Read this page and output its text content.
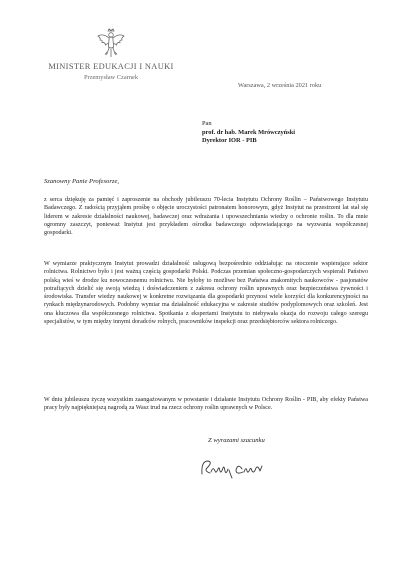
MINISTER EDUKACJI I NAUKI
Przemysław Czarnek
Warszawa, 2 września 2021 roku
Pan
prof. dr hab. Marek Mrówczyński
Dyrektor IOR - PIB
Szanowny Panie Profesorze,

z serca dziękuję za pamięć i zaproszenie na obchody jubileuszu 70-lecia Instytutu Ochrony Roślin – Państwowego Instytutu Badawczego. Z radością przyjąłem prośbę o objęcie uroczystości patronatem honorowym, gdyż Instytut na przestrzeni lat stał się liderem w zakresie działalności naukowej, badawczej oraz wdrażania i upowszechniania wiedzy o ochronie roślin. To dla mnie ogromny zaszczyt, ponieważ Instytut jest przykładem ośrodka badawczego odpowiadającego na wyzwania współczesnej gospodarki.

W wymiarze praktycznym Instytut prowadzi działalność usługową bezpośrednio oddziałując na otoczenie wspierające sektor rolnictwa. Rolnictwo było i jest ważną częścią gospodarki Polski. Podczas przemian społeczno-gospodarczych wspierali Państwo polską wieś w drodze ku nowoczesnemu rolnictwu. Nie byłoby to możliwe bez Państwa znakomitych naukowców - pasjonatów potrafiących dzielić się swoją wiedzą i doświadczeniem z zakresu ochrony roślin uprawnych oraz bezpieczeństwa żywności i środowiska. Transfer wiedzy naukowej w konkretne rozwiązania dla gospodarki przynosi wiele korzyści dla konkurencyjności na rynkach międzynarodowych. Podobny wymiar ma działalność edukacyjna w zakresie studiów podyplomowych oraz szkoleń. Jest ona kluczowa dla współczesnego rolnictwa. Spotkania z ekspertami Instytutu to niebywała okazja do rozwoju całego szeregu specjalistów, w tym między innymi doradców rolnych, pracowników inspekcji oraz przedsiębiorców sektora rolniczego.

W dniu jubileuszu życzę wszystkim zaangażowanym w powstanie i działanie Instytutu Ochrony Roślin - PIB, aby efekty Państwa pracy były najpiękniejszą nagrodą za Wasz trud na rzecz ochrony roślin uprawnych w Polsce.

Z wyrazami szacunku
